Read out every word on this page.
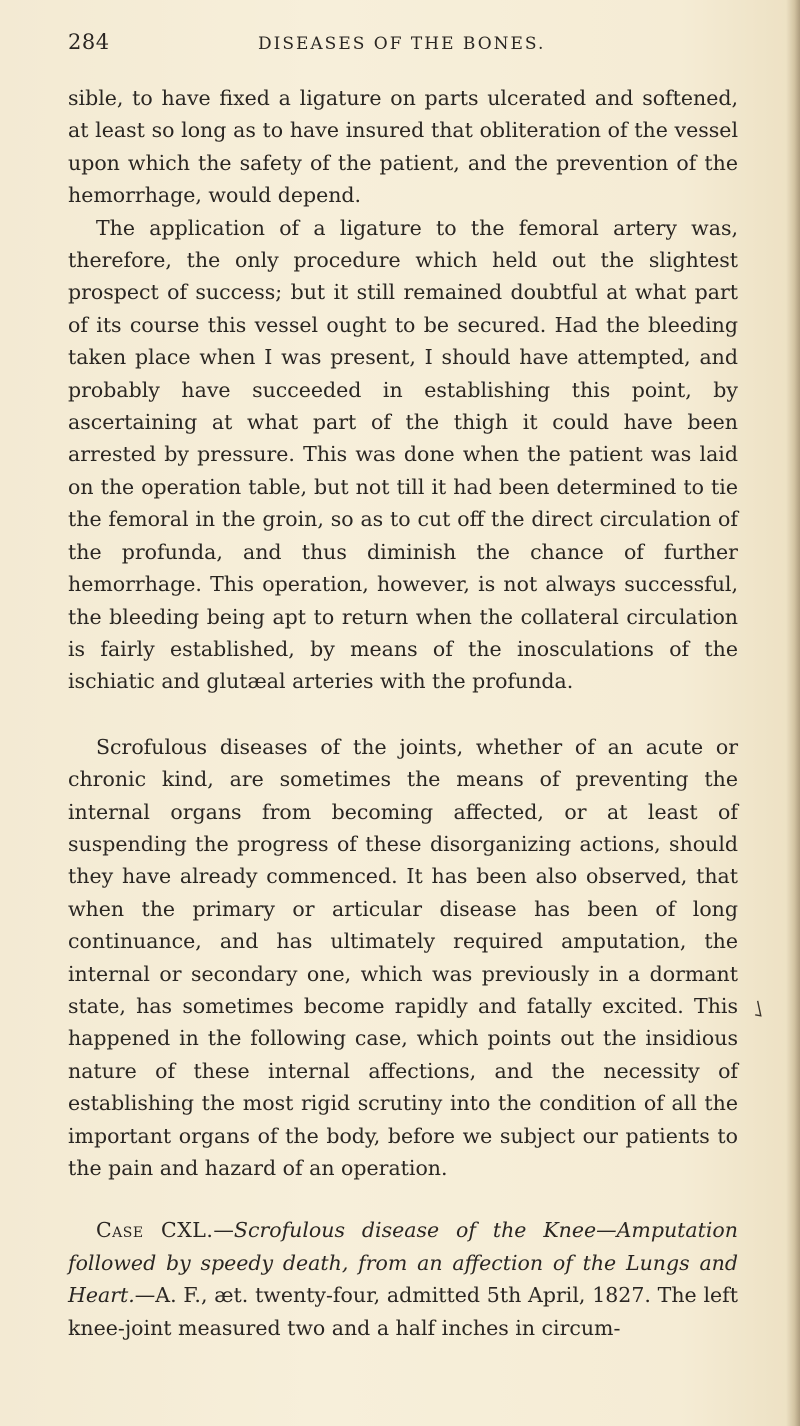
284	DISEASES OF THE BONES.

sible, to have fixed a ligature on parts ulcerated and softened, at least so long as to have insured that obliteration of the vessel upon which the safety of the patient, and the prevention of the hemorrhage, would depend.

The application of a ligature to the femoral artery was, therefore, the only procedure which held out the slightest prospect of success; but it still remained doubtful at what part of its course this vessel ought to be secured. Had the bleeding taken place when I was present, I should have attempted, and probably have succeeded in establishing this point, by ascertaining at what part of the thigh it could have been arrested by pressure. This was done when the patient was laid on the operation table, but not till it had been determined to tie the femoral in the groin, so as to cut off the direct circulation of the profunda, and thus diminish the chance of further hemorrhage. This operation, however, is not always successful, the bleeding being apt to return when the collateral circulation is fairly established, by means of the inosculations of the ischiatic and glutæal arteries with the profunda.

Scrofulous diseases of the joints, whether of an acute or chronic kind, are sometimes the means of preventing the internal organs from becoming affected, or at least of suspending the progress of these disorganizing actions, should they have already commenced. It has been also observed, that when the primary or articular disease has been of long continuance, and has ultimately required amputation, the internal or secondary one, which was previously in a dormant state, has sometimes become rapidly and fatally excited. This happened in the following case, which points out the insidious nature of these internal affections, and the necessity of establishing the most rigid scrutiny into the condition of all the important organs of the body, before we subject our patients to the pain and hazard of an operation.

Case CXL.—Scrofulous disease of the Knee—Amputation followed by speedy death, from an affection of the Lungs and Heart.—A. F., æt. twenty-four, admitted 5th April, 1827. The left knee-joint measured two and a half inches in circum-
